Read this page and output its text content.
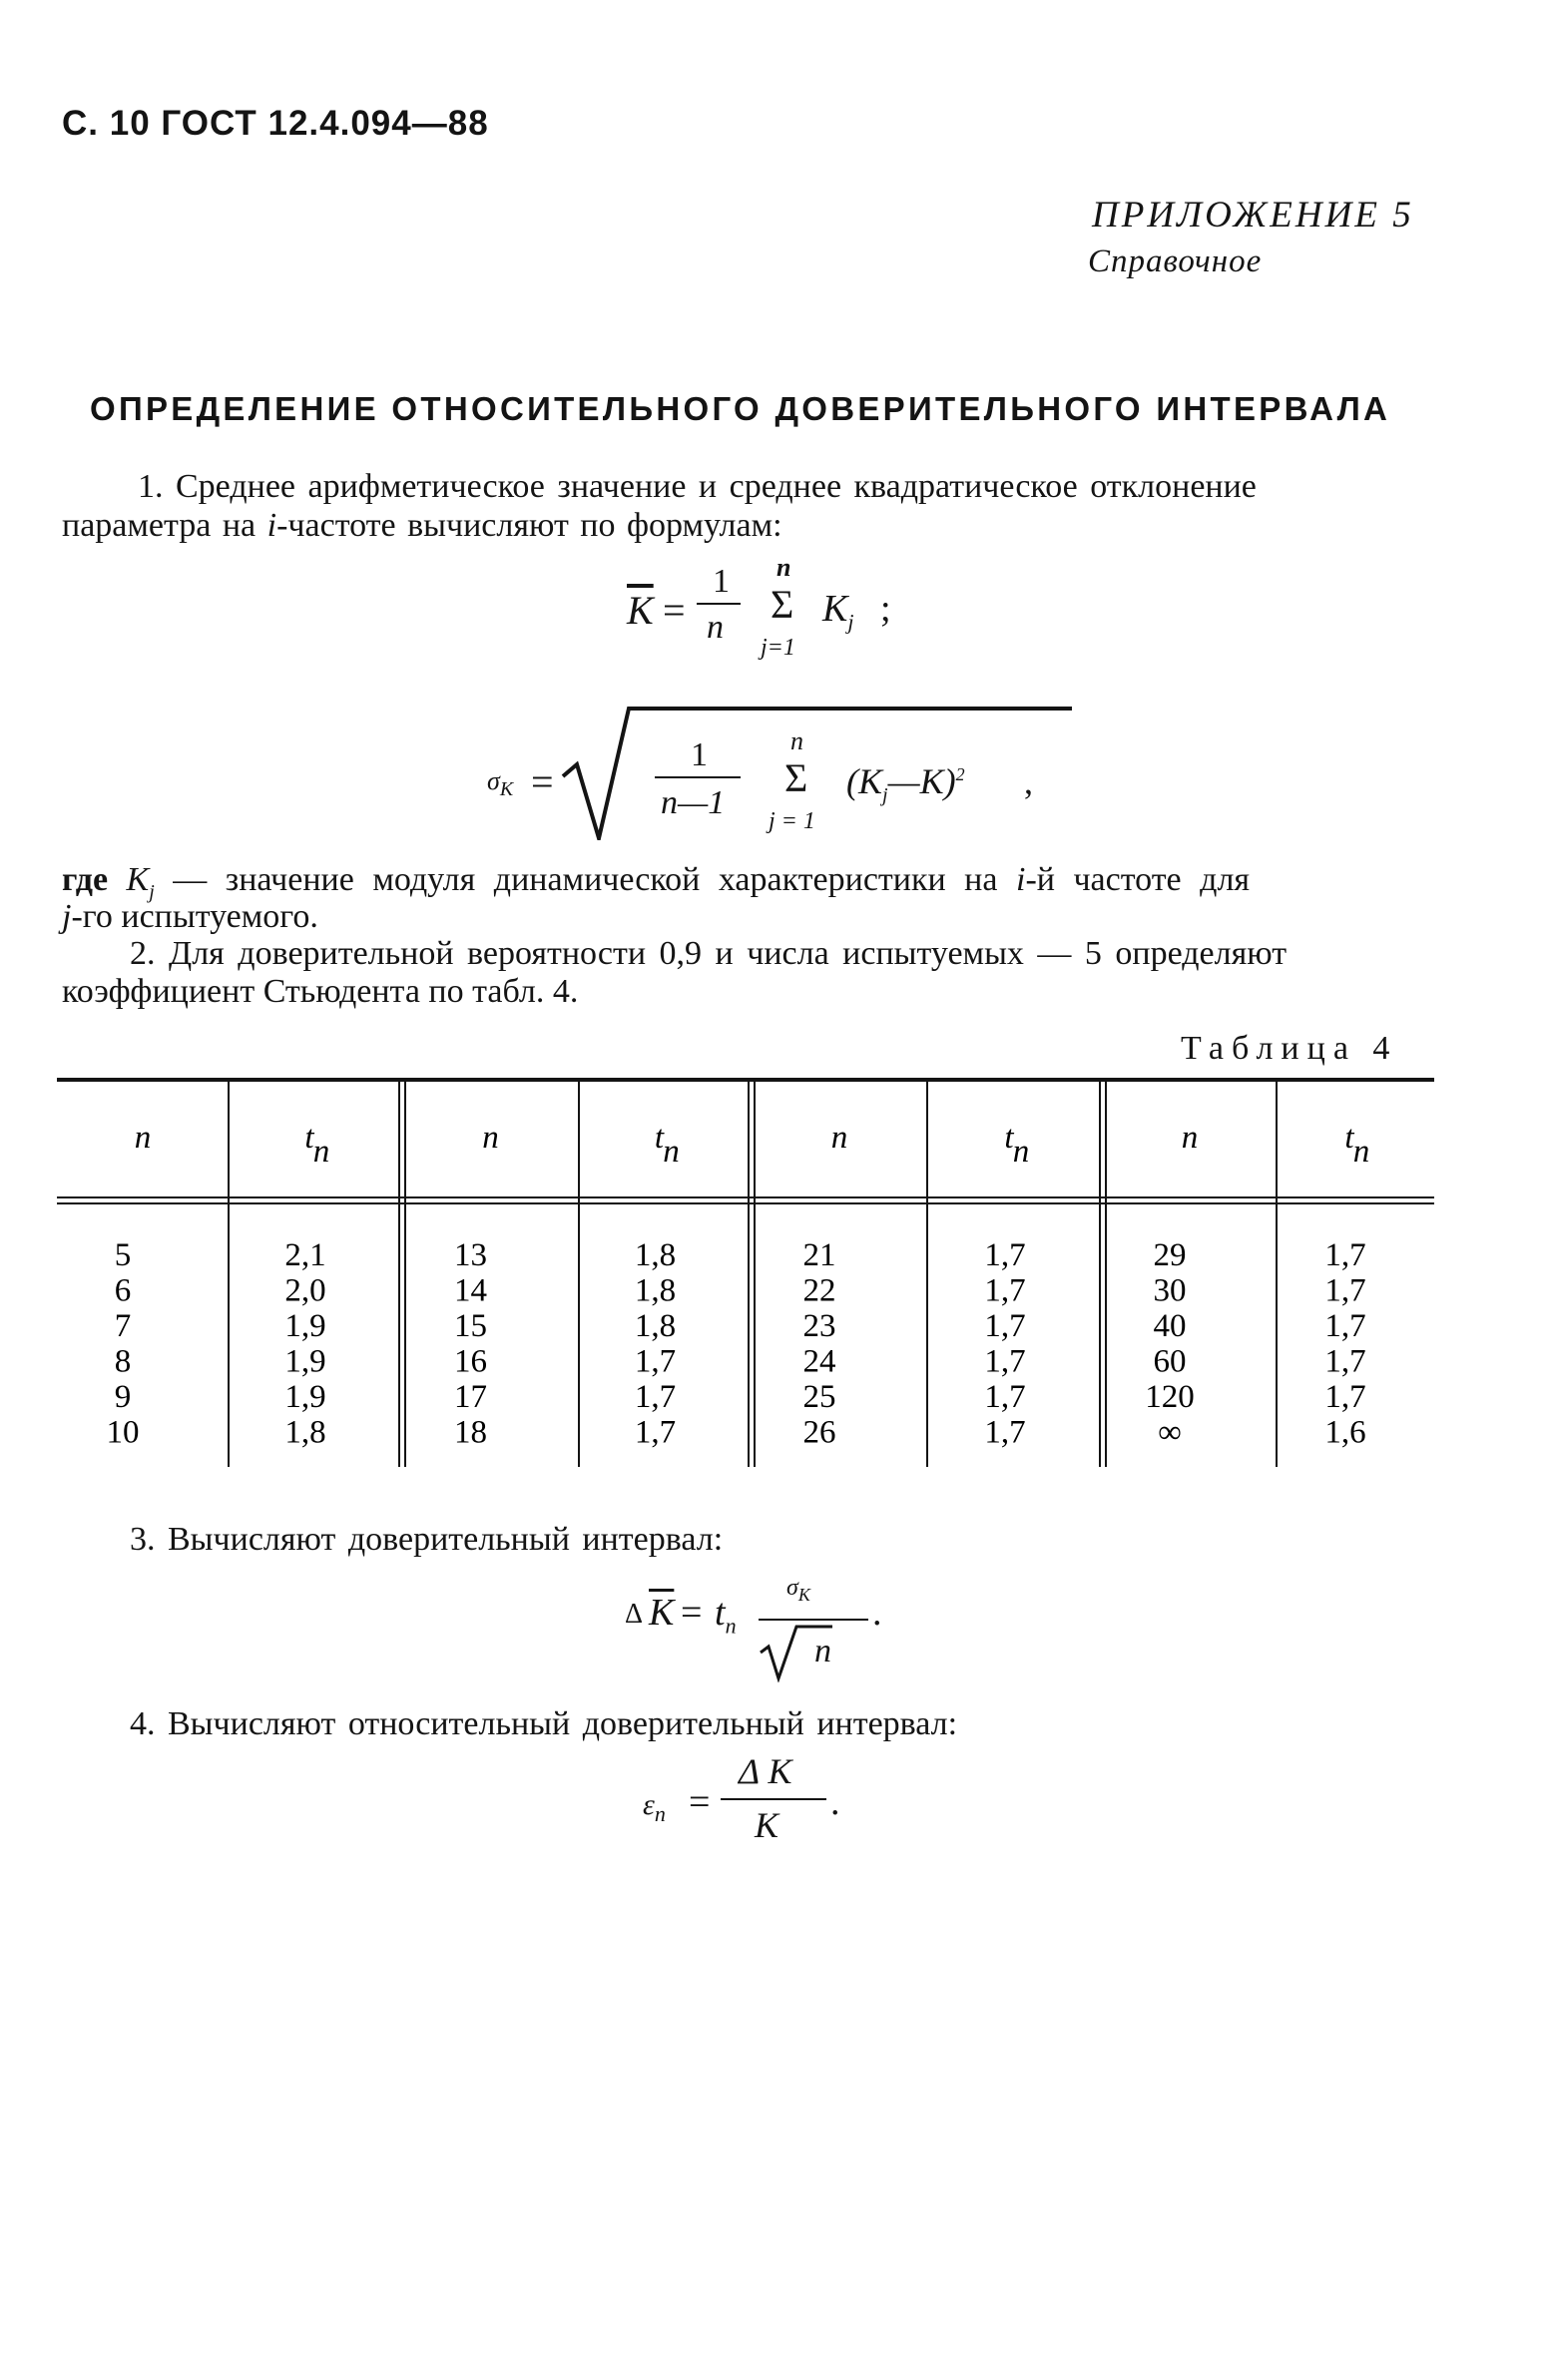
С. 10 ГОСТ 12.4.094—88
ПРИЛОЖЕНИЕ 5
Справочное
ОПРЕДЕЛЕНИЕ ОТНОСИТЕЛЬНОГО ДОВЕРИТЕЛЬНОГО ИНТЕРВАЛА
1. Среднее арифметическое значение и среднее квадратическое отклонение
параметра на i-частоте вычисляют по формулам:
$\overline{K}$ =
1
n
n
Σ
j=1
$K_j$ ;
$\sigma_K$ =
1
n—1
n
Σ
j = 1
$(K_j—K)^2$ ,
где $K_j$ — значение модуля динамической характеристики на i-й частоте для
j-го испытуемого.
2. Для доверительной вероятности 0,9 и числа испытуемых — 5 определяют
коэффициент Стьюдента по табл. 4.
Таблица 4
n	t n	n	t n	n	t n	n	t n
5	2,1	13	1,8	21	1,7	29	1,7
6	2,0	14	1,8	22	1,7	30	1,7
7	1,9	15	1,8	23	1,7	40	1,7
8	1,9	16	1,7	24	1,7	60	1,7
9	1,9	17	1,7	25	1,7	120	1,7
10	1,8	18	1,7	26	1,7	∞	1,6
3. Вычисляют доверительный интервал:
Δ $\overline{K} = t_n$
$\sigma_K$
n
.
4. Вычисляют относительный доверительный интервал:
$\varepsilon_n$ =
Δ K
K
.
